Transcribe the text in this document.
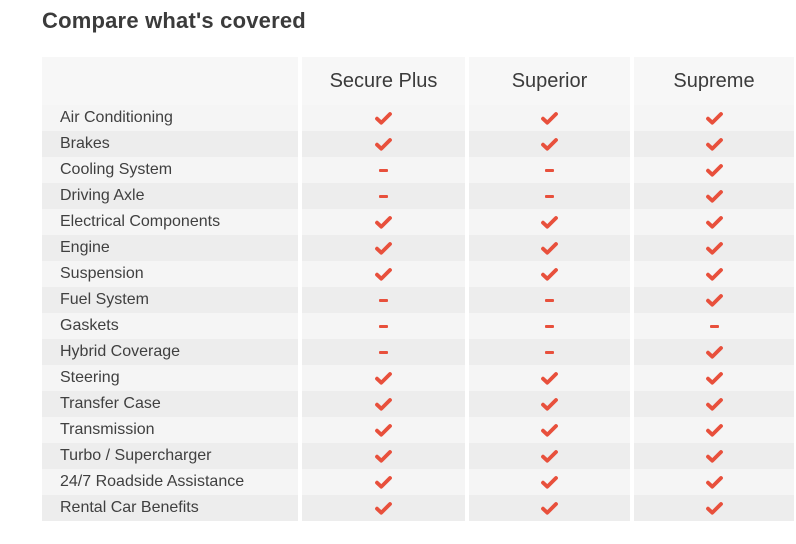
Compare what's covered
Secure Plus	Superior	Supreme
Air Conditioning
Brakes
Cooling System
Driving Axle
Electrical Components
Engine
Suspension
Fuel System
Gaskets
Hybrid Coverage
Steering
Transfer Case
Transmission
Turbo / Supercharger
24/7 Roadside Assistance
Rental Car Benefits
